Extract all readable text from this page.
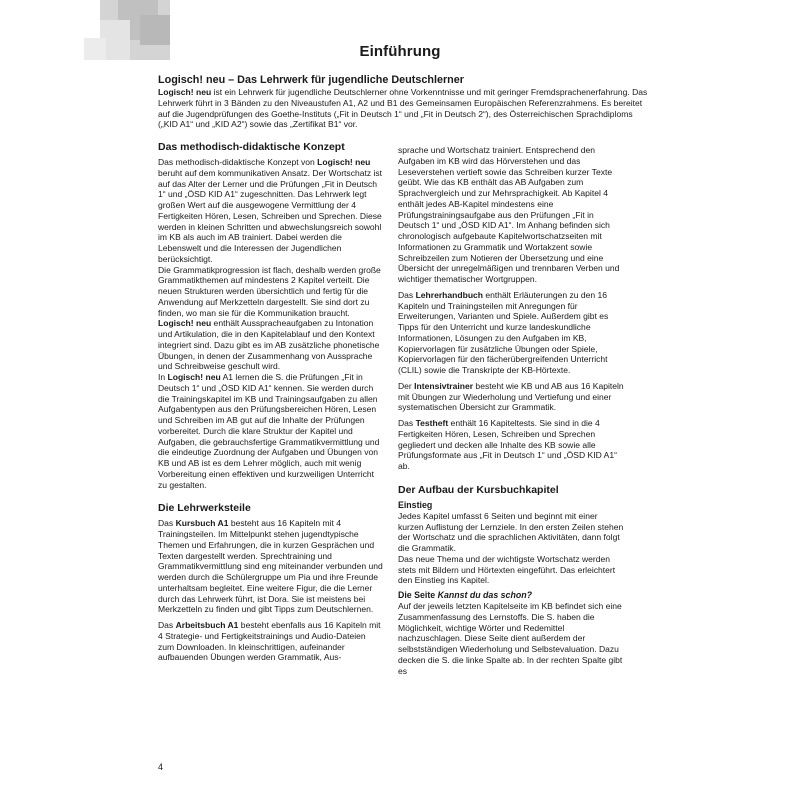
Einführung
Logisch! neu – Das Lehrwerk für jugendliche Deutschlerner

Logisch! neu ist ein Lehrwerk für jugendliche Deutschlerner ohne Vorkenntnisse und mit geringer Fremdsprachenerfahrung. Das Lehrwerk führt in 3 Bänden zu den Niveaustufen A1, A2 und B1 des Gemeinsamen Europäischen Referenzrahmens. Es bereitet auf die Jugendprüfungen des Goethe-Instituts („Fit in Deutsch 1“ und „Fit in Deutsch 2“), des Österreichischen Sprachdiploms („KID A1“ und „KID A2“) sowie das „Zertifikat B1“ vor.

Das methodisch-didaktische Konzept

Das methodisch-didaktische Konzept von Logisch! neu beruht auf dem kommunikativen Ansatz. Der Wortschatz ist auf das Alter der Lerner und die Prüfungen „Fit in Deutsch 1“ und „ÖSD KID A1“ zugeschnitten. Das Lehrwerk legt großen Wert auf die ausgewogene Vermittlung der 4 Fertigkeiten Hören, Lesen, Schreiben und Sprechen. Diese werden in kleinen Schritten und abwechslungsreich sowohl im KB als auch im AB trainiert. Dabei werden die Lebenswelt und die Interessen der Jugendlichen berücksichtigt.

Die Grammatikprogression ist flach, deshalb werden große Grammatikthemen auf mindestens 2 Kapitel verteilt. Die neuen Strukturen werden übersichtlich und fertig für die Anwendung auf Merkzetteln dargestellt. Sie sind dort zu finden, wo man sie für die Kommunikation braucht. Logisch! neu enthält Ausspracheaufgaben zu Intonation und Artikulation, die in den Kapitelablauf und den Kontext integriert sind. Dazu gibt es im AB zusätzliche phonetische Übungen, in denen der Zusammenhang von Aussprache und Schreibweise geschult wird.

In Logisch! neu A1 lernen die S. die Prüfungen „Fit in Deutsch 1“ und „ÖSD KID A1“ kennen. Sie werden durch die Trainingskapitel im KB und Trainingsaufgaben zu allen Aufgabentypen aus den Prüfungsbereichen Hören, Lesen und Schreiben im AB gut auf die Inhalte der Prüfungen vorbereitet. Durch die klare Struktur der Kapitel und Aufgaben, die gebrauchsfertige Grammatikvermittlung und die eindeutige Zuordnung der Aufgaben und Übungen von KB und AB ist es dem Lehrer möglich, auch mit wenig Vorbereitung einen effektiven und kurzweiligen Unterricht zu gestalten.

Die Lehrwerksteile

Das Kursbuch A1 besteht aus 16 Kapiteln mit 4 Trainingsteilen. Im Mittelpunkt stehen jugendtypische Themen und Erfahrungen, die in kurzen Gesprächen und Texten dargestellt werden. Sprechtraining und Grammatikvermittlung sind eng miteinander verbunden und werden durch die Schülergruppe um Pia und ihre Freunde unterhaltsam begleitet. Eine weitere Figur, die die Lerner durch das Lehrwerk führt, ist Dora. Sie ist meistens bei Merkzetteln zu finden und gibt Tipps zum Deutschlernen.

Das Arbeitsbuch A1 besteht ebenfalls aus 16 Kapiteln mit 4 Strategie- und Fertigkeitstrainings und Audio-Dateien zum Downloaden. In kleinschrittigen, aufeinander aufbauenden Übungen werden Grammatik, Aus-

sprache und Wortschatz trainiert. Entsprechend den Aufgaben im KB wird das Hörverstehen und das Leseverstehen vertieft sowie das Schreiben kurzer Texte geübt. Wie das KB enthält das AB Aufgaben zum Sprachvergleich und zur Mehrsprachigkeit. Ab Kapitel 4 enthält jedes AB-Kapitel mindestens eine Prüfungstrainingsaufgabe aus den Prüfungen „Fit in Deutsch 1“ und „ÖSD KID A1“. Im Anhang befinden sich chronologisch aufgebaute Kapitelwortschatzseiten mit Informationen zu Grammatik und Wortakzent sowie Schreibzeilen zum Notieren der Übersetzung und eine Übersicht der unregelmäßigen und trennbaren Verben und wichtiger thematischer Wortgruppen.

Das Lehrerhandbuch enthält Erläuterungen zu den 16 Kapiteln und Trainingsteilen mit Anregungen für Erweiterungen, Varianten und Spiele. Außerdem gibt es Tipps für den Unterricht und kurze landeskundliche Informationen, Lösungen zu den Aufgaben im KB, Kopiervorlagen für zusätzliche Übungen oder Spiele, Kopiervorlagen für den fächerübergreifenden Unterricht (CLIL) sowie die Transkripte der KB-Hörtexte.

Der Intensivtrainer besteht wie KB und AB aus 16 Kapiteln mit Übungen zur Wiederholung und Vertiefung und einer systematischen Übersicht zur Grammatik.

Das Testheft enthält 16 Kapiteltests. Sie sind in die 4 Fertigkeiten Hören, Lesen, Schreiben und Sprechen gegliedert und decken alle Inhalte des KB sowie alle Prüfungsformate aus „Fit in Deutsch 1“ und „ÖSD KID A1“ ab.

Der Aufbau der Kursbuchkapitel
Einstieg

Jedes Kapitel umfasst 6 Seiten und beginnt mit einer kurzen Auflistung der Lernziele. In den ersten Zeilen stehen der Wortschatz und die sprachlichen Aktivitäten, dann folgt die Grammatik.

Das neue Thema und der wichtigste Wortschatz werden stets mit Bildern und Hörtexten eingeführt. Das erleichtert den Einstieg ins Kapitel.

Die Seite Kannst du das schon?

Auf der jeweils letzten Kapitelseite im KB befindet sich eine Zusammenfassung des Lernstoffs. Die S. haben die Möglichkeit, wichtige Wörter und Redemittel nachzuschlagen. Diese Seite dient außerdem der selbstständigen Wiederholung und Selbstevaluation. Dazu decken die S. die linke Spalte ab. In der rechten Spalte gibt es

4
